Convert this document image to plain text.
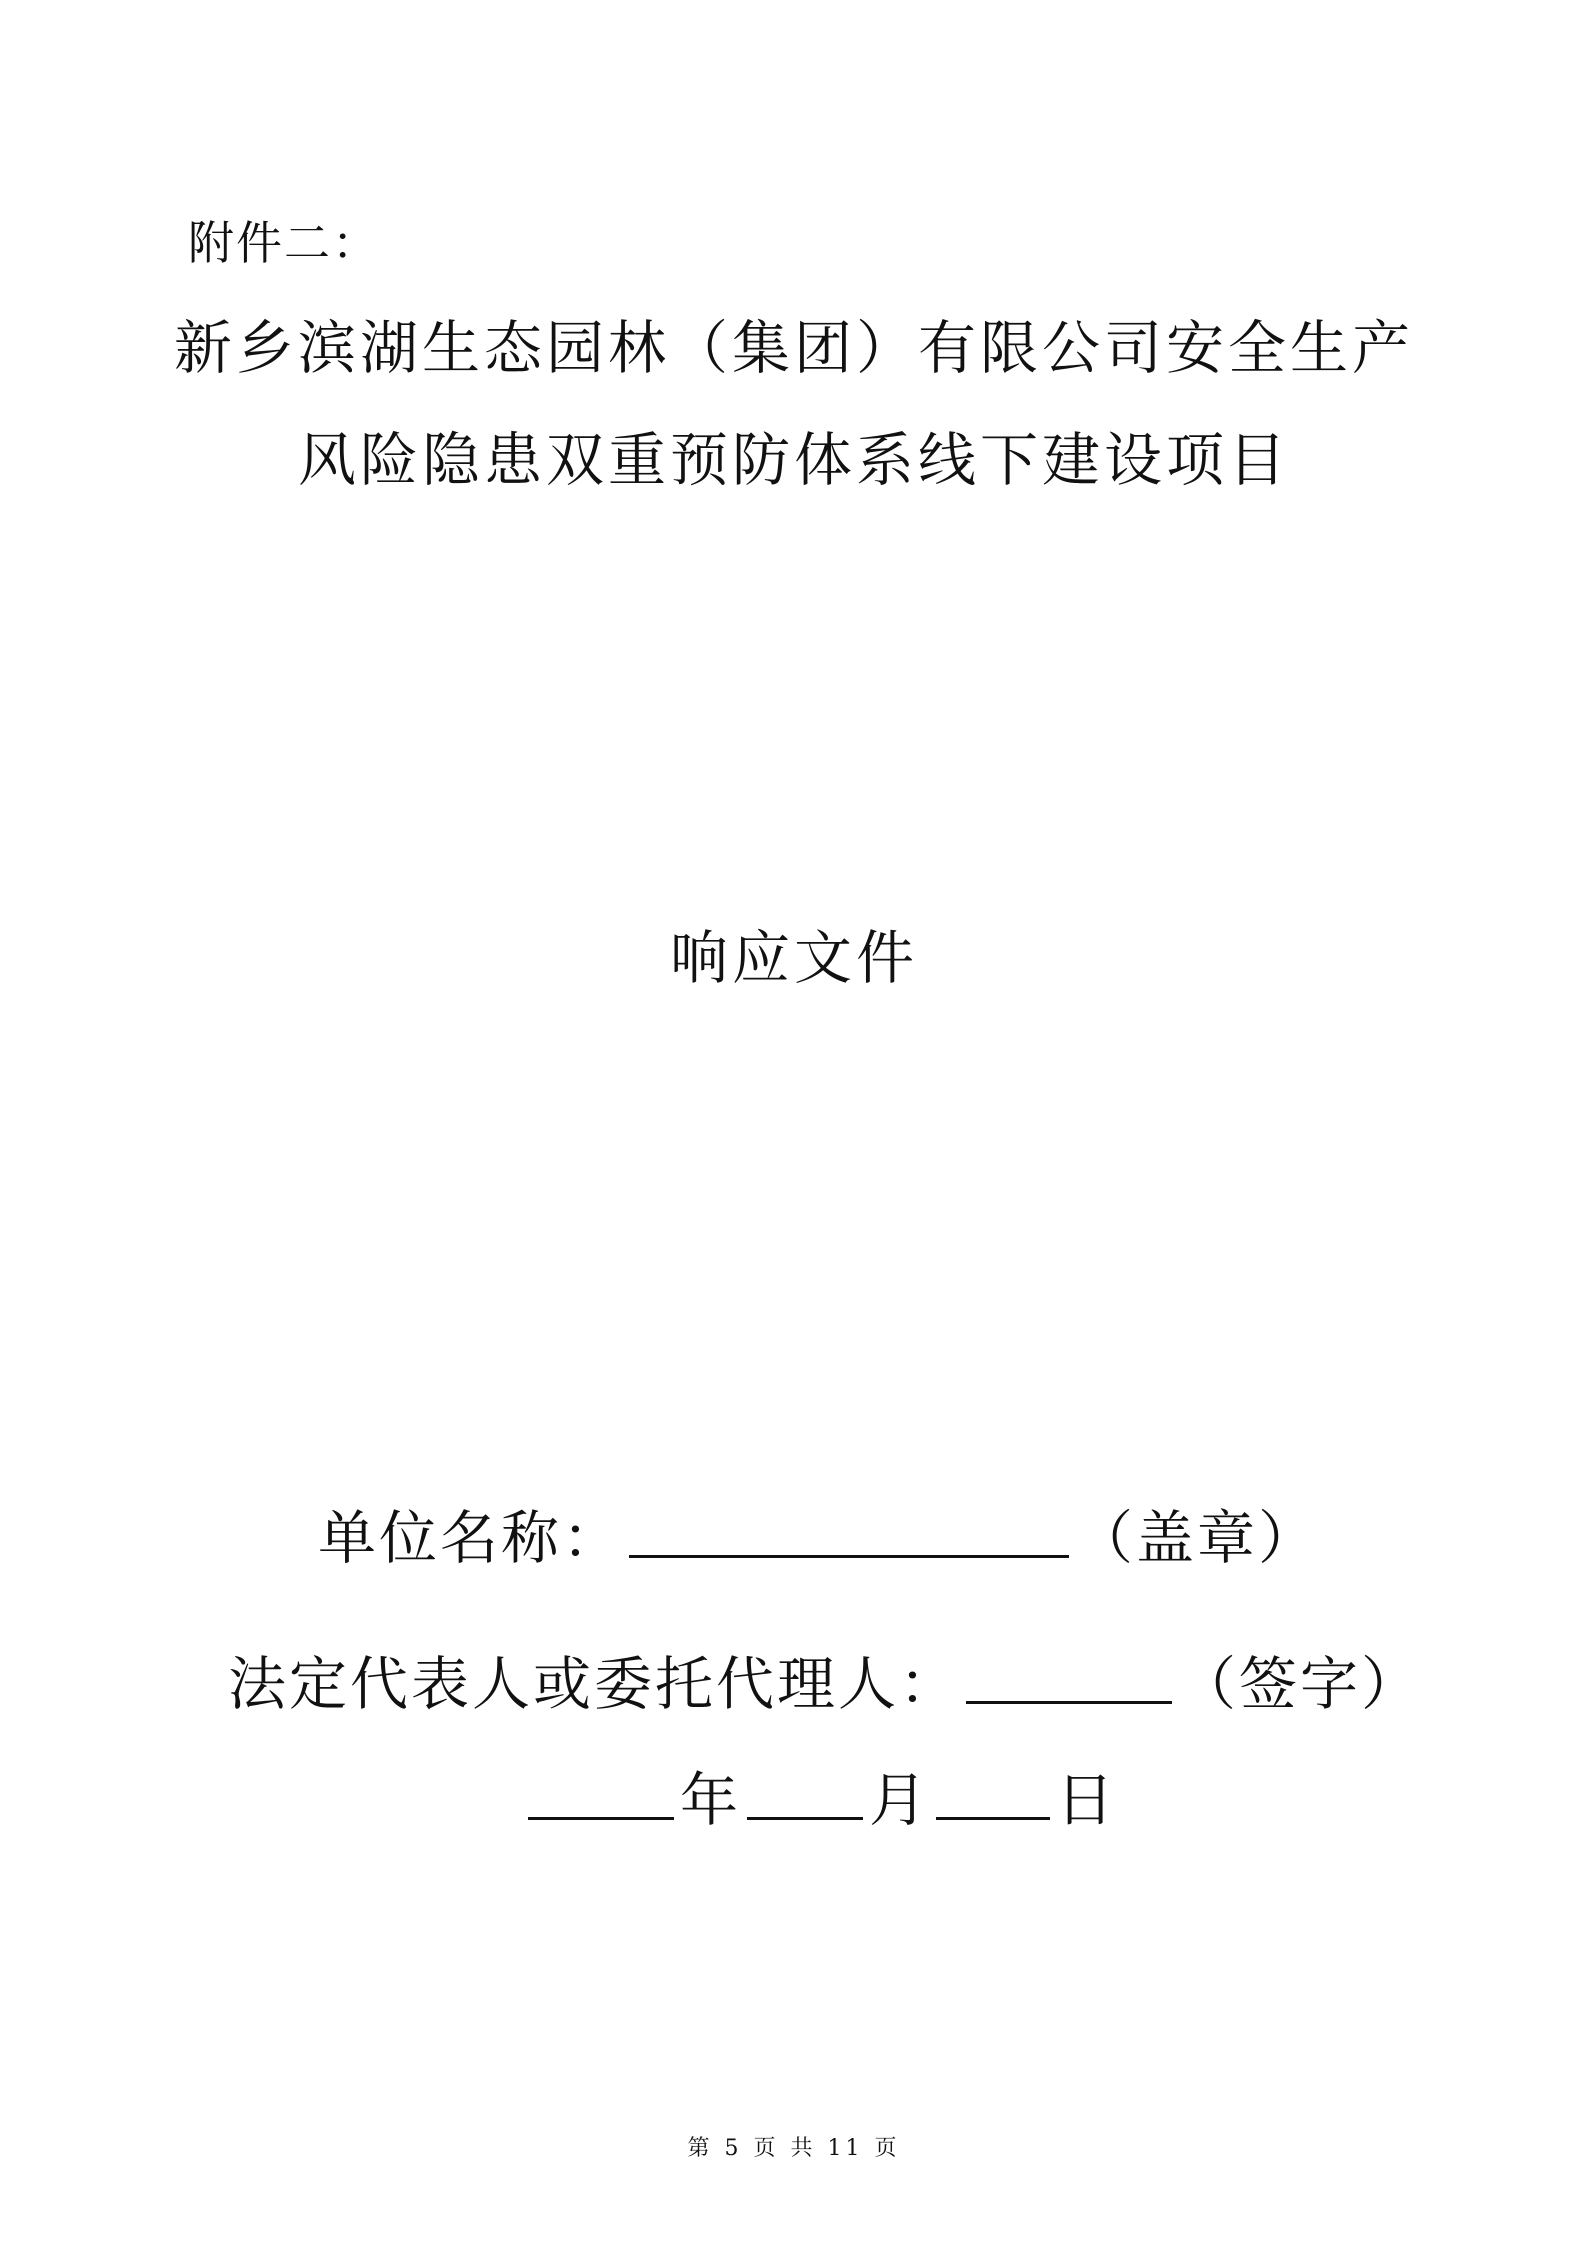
附件二：
新乡滨湖生态园林（集团）有限公司安全生产
风险隐患双重预防体系线下建设项目
响应文件
单位名称：	（盖章）
法定代表人或委托代理人：	（签字）
年 月 日
第 5 页 共 11 页
